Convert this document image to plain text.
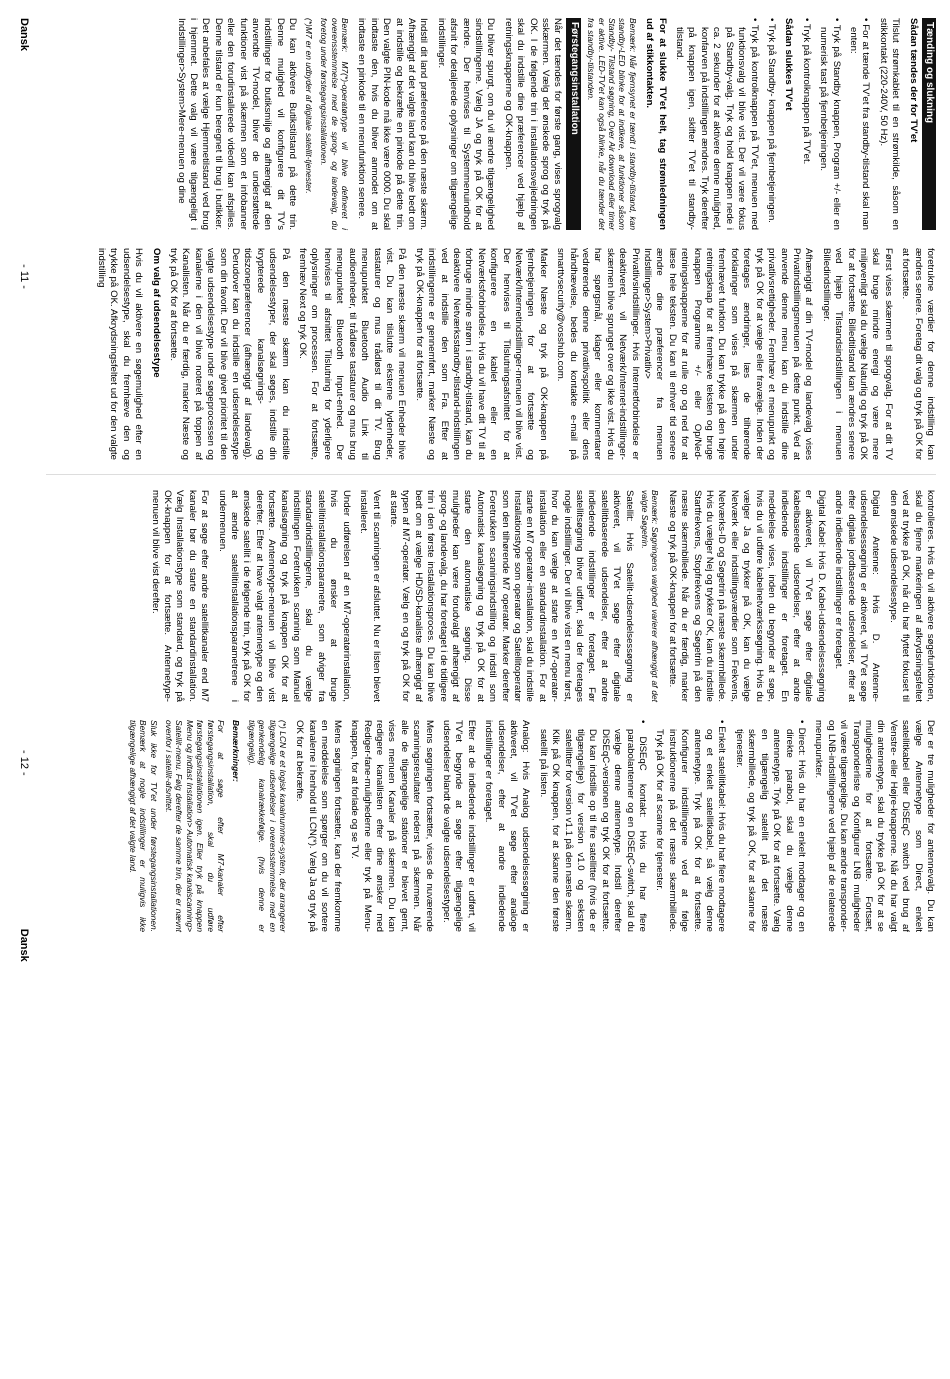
Tænding og slukning

Sådan tændes der for TV'et

Tilslut strømkablet til en strømkilde, såsom en stikkontakt (220-240V, 50 Hz).

• For at tænde TV'et fra standby-tilstand skal man enten:

• Tryk på Standby knappen, Program +/- eller en numerisk tast på fjernbetjeningen.

• Tryk på kontrolknappen på TV'et.

Sådan slukkes TV'et

• Tryk på Standby- knappen på fjernbetjeningen.

• Tryk på kontrolknappen på TV'et, menuen med funktionsvalg vil blive vist. Der vil være fokus på Standby-valg. Tryk og hold knappen nede i ca. 2 sekunder for at aktivere denne mulighed, konfarven på indstillingen ændres. Tryk derefter på knappen igen, skifter TV'et til standby-tilstand.

For at slukke TV'et helt, tag strømledningen ud af stikkontakten.

Bemærk: Når fjernsynet er tændt i standby-tilstand, kan standby-LED blinke for at indikere, at funktioner såsom Standby- Tilstand søgning, Over Air download eller timer er aktive. LED-TV'et kan også blinke, når du tænder det fra standby-tilstanden.

Førstegangsinstallation

Når det tændes for første gang, vises sprogvalg sskærmen. Vælg det ønskede sprog og tryk på OK. I de følgende trin i installationsvejledningen skal du indstille dine præferencer ved hjælp af retningsknapperne og OK-knappen.

Du bliver spurgt, om du vil ændre tilgængelighed sindstillingerne. Vælg JA og tryk på OK for at ændre. Der henvises til Systemmenuindhold afsnit for detaljerede oplysninger om tilgængelige indstillinger.

Indstil dit land præference på den næste skærm. Afhængigt af det valgte land kan du blive bedt om at indstille og bekræfte en pinkode på dette trin. Den valgte PIN-kode må ikke være 0000. Du skal indtaste den, hvis du bliver anmodet om at indtaste en pinkode til en menufunktion senere.

Bemærk: M7(*)-operatørtype vil blive defineret i overensstemmelse med de sprog- og landevalg, du foretog under førstegangsinstallationen.

(*)M7 er en udbyder af digitale satellit-tjenester.

Du kan aktivere Butikstilstand på dette trin. Denne mulighed vil konfigurere dit TV's indstillinger for butiksmiljø og afhængigt af den anvendte TV-model, bliver de understøttede funktioner vist på skærmen som et infobanner eller den forudinstallerede videofil kan afspilles. Denne tilstand er kun beregnet til brug i butikker. Det anbefales at vælge Hjemmetilstand ved brug i hjemmet. Dette valg vil være tilgængeligt i Indstillinger>System>Mere-menuen og dine

foretrukne værdier for denne indstilling kan ændres senere. Foretag dit valg og tryk på OK for at fortsætte.

Først vises skærmen til sprogvalg. For at dit TV skal bruge mindre energi og være mere miljøvenligt skal du vælge Naturlig og tryk på OK for at fortsætte. Billedtilstand kan ændres senere ved hjælp Tilstandsindstillingen i menuen Billedindstillinger.

Afhængigt af din TV-model og landevalg vises Privatindstillingsmenuen på dette punkt. Ved at anvende denne menu kan du indstille dine privatlivsrettigheder. Fremhæv et menupunkt og tryk på OK for at vælge eller fravælge. Inden der foretages ændringer, læs de tilhørende forklaringer som vises på skærmen under fremhævet funktion. Du kan trykke på den højre retningsknap for at fremhæve teksten og bruge knappen Programme +/- eller Op/Ned-retningsknapperne for at rulle op og ned for at læse hele teksten. Du kan til enhver tid senere ændre dine præferencer fra menuen Indstillinger>System>Privatliv> Privatlivsindstillinger. Hvis Internetforbindelse er deaktiveret, vil Netværk/Internet-indstillinger-skærmen blive sprunget over og ikke vist. Hvis du har spørgsmål, klager eller kommentarer vedrørende denne privatlivspolitik eller dens håndhævelse, bedes du kontakte e-mail på smarttvsecurity@vosshub.com.

Marker Næste og tryk på OK-knappen på fjernbetjeningen for at fortsætte og Netværk/Internetindstillinger-menuen vil blive vist. Der henvises til Tilslutningsafsnittet for at konfigurere en kablet eller en Netværksforbindelse. Hvis du vil have dit TV til at forbruge mindre strøm i standby-tilstand, kan du deaktivere Netværksstandby-tilstand-indstillingen ved at indstille den som Fra. Efter at indstillingerne er gennemført, marker Næste og tryk på OK-knappen for at fortsætte.

På den næste skærm vil menuen Enheder blive vist. Du kan tilslutte eksterne lydenheder, tastaturer og mus trådløst til dit TV. Brug menupunktet Bluetooth Audio Link til audioenheder, til trådløse tastaturer og mus brug menupunktet Bluetooth Input-enhed. Der henvises til afsnittet Tilslutning for yderligere oplysninger om processen. For at fortsætte, fremhæv Next og tryk OK.

På den næste skærm kan du indstille udsendelsestyper, der skal søges, indstille din krypterede kanalsøgnings- og tidszonepræferencer (afhængigt af landevalg). Derudover kan du indstille en udsendelsestype som din favorit. Der vil blive givet prioritet til den valgte udsendelsestype under søgeprocessen og kanalerne i den vil blive noteret på toppen af Kanallisten. Når du er færdig, marker Næste og tryk på OK for at fortsætte.

Om valg af udsendelsestype

Hvis du vil aktivere en søgemulighed efter en udsendelsestype, skal du fremhæve den og trykke på OK. Afkrydsningsfeltet ud for den valgte indstilling

kontrolleres. Hvis du vil aktivere søgefunktionen, skal du fjerne markeringen af afkrydsningsfeltet ved at trykke på OK, når du har flyttet fokuset til den ønskede udsendelsestype.

Digital Antenne: Hvis D. Antenne-udsendelsessøgning er aktiveret, vil TV'et søge efter digitale jordbaserede udsendelser, efter at andre indledende indstillinger er foretaget.

Digital Kabel: Hvis D. Kabel-udsendelsessøgning er aktiveret, vil TV'et søge efter digitale kabelbaserede udsendelser, efter at andre indledende indstillinger er foretaget. En meddelelse vises, inden du begynder at søge, hvis du vil udføre kabelnetværkssøgning. Hvis du vælger Ja og trykker på OK, kan du vælge Netværk eller indstillingsværdier som Frekvens, Netværks-ID og Søgetrin på næste skærmbillede. Hvis du vælger Nej og trykker OK, kan du indstille Startfrekvens, Stopfrekvens og Søgetrin på den næste skærmbillede. Når du er færdig, marker Næste og tryk på OK-knappen for at fortsætte.

Bemærk: Søgningens varighed varierer afhængigt af det valgte Søgetrin.

Satellit: Hvis Satellit-udsendelsessøgning er aktiveret, vil TV'et søge efter digitale satellitbaserede udsendelser, efter at andre indledende indstillinger er foretaget. Før satellitsøgning bliver udført, skal der foretages nogle indstillinger. Der vil blive vist en menu først, hvor du kan vælge at starte en M7-operatør-installation eller en standardinstallation. For at starte en M7 operatør-installation, skal du indstille Installationstype som operatør og Satellitoperatør som den tilhørende M7 operatør. Marker derefter Foretrukken scanningsindstilling og indstil som Automatisk kanalsøgning og tryk på OK for at starte den automatiske søgning. Disse muligheder kan være forudvalgt afhængigt af sprog- og landevalg, du har foretaget i de tidligere trin i den første installationsproces. Du kan blive bedt om at vælge HD/SD-kanaliste afhængigt af typen af M7-operatør. Vælg en og tryk på OK for at starte.

Vent til scanningen er afsluttet. Nu er listen blevet installeret.

Under udførelsen af en M7-operatørinstallation, hvis du ønsker at bruge satellitinstallationsparametre, som afviger fra standardindstillingerne, skal du vælge indstillingen Foretrukken scanning som Manuel kanalsøgning og tryk på knappen OK for at fortsætte. Antennetype-menuen vil blive vist derefter. Efter at have valgt antennetype og den ønskede satellit i de følgende trin, tryk på OK for at ændre satellitinstallationsparametrene i undermenuen.

For at søge efter andre satellitkanaler end M7 kanaler bør du starte en standardinstallation. Vælg Installationstype som standard, og tryk på OK-knappen for at fortsætte. Antennetype-menuen vil blive vist derefter.

Der er tre muligheder for antennevalg. Du kan vælge Antennetype som Direct, enkelt satellitkabel eller DiSEqC switch ved brug af Venstre- eller Højre-knapperne. Når du har valgt din antennetype, skal du trykke på OK for at se mulighederne for at fortsætte. Fortsæt, Transponderliste og Konfigurer LNB muligheder vil være tilgængelige. Du kan ændre transponder- og LNB-indstillingerne ved hjælp af de relaterede menupunkter.

• Direct: Hvis du har en enkelt modtager og en direkte parabol, skal du vælge denne antennetype. Tryk på OK for at fortsætte. Vælg en tilgængelig satellit på det næste skærmbillede, og tryk på OK, for at skanne for tjenester.

• Enkelt satellitkabel: Hvis du har flere modtagere og et enkelt satellitkabel, så vælg denne antennetype. Tryk på OK for at fortsætte. Konfigurer indstillingerne ved at følge instruktionerne på det næste skærmbillede. Tryk på OK for at scanne for tjenester.

• DiSEqC kontakt: Hvis du har flere parabolantenner og en DiSEqC-switch, skal du vælge denne antennetype. Indstil derefter DiSEqC-versionen og tryk OK for at fortsætte. Du kan indstille op til fire satellitter (hvis de er tilgængelige) for version v1.0 og seksten satellitter for version v1.1 på den næste skærm. Klik på OK knappen, for at skanne den første satellit på listen.

Analog: Hvis Analog udsendelsessøgning er aktiveret, vil TV'et søge efter analoge udsendelser, efter at andre indledende indstillinger er foretaget.

Efter at de indledende indstillinger er udført, vil TV'et begynde at søge efter tilgængelige udsendelser blandt de valgte udsendelsestyper.

Mens søgningen fortsætter, vises de nuværende scanningsresultater nederst på skærmen. Når alle de tilgængelige stationer er blevet gemt, vises menuen Kanaler på skærmen. Du kan redigere kanallisten efter dine ønsker med Rediger-fane-mulighederne eller tryk på Menu-knappen, for at forlade og se TV.

Mens søgningen fortsætter, kan der fremkomme en meddelelse som spørger om du vil sortere kanalerne i henhold til LCN(*). Vælg Ja og tryk på OK for at bekræfte.

(*) LCN er et logisk kanalnummer-system, der arrangerer tilgængelige udsendelser i overensstemmelse med en genkendelig kanalrækkefølge. (hvis denne er tilgængelig).

Bemærkninger:

For at søge efter M7-kanaler efter førstegangsinstallation, skal du udføre førstegangsinstallationen igen. Eller tryk på knappen Menu og indtast Installation> Automatisk kanalscanning> Satellit-menu. Følg derefter de samme trin, der er nævnt ovenfor i satellit-afsnittet.

Sluk ikke for TV'et under førstegangsinstallationen. Bemærk at nogle indstillinger er muligvis ikke tilgængelige afhængigt af det valgte land.

Dansk - 11 -
- 12 - Dansk
